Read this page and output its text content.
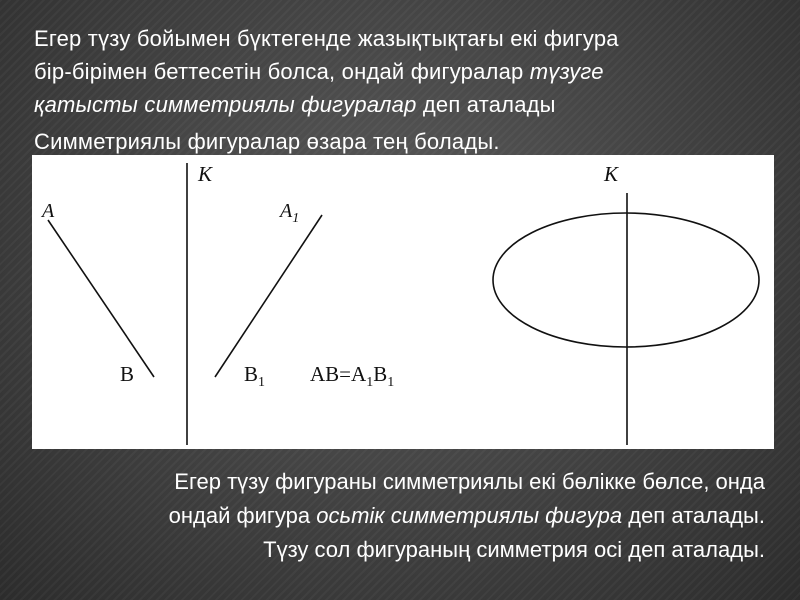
Егер түзу бойымен бүктегенде жазықтықтағы екі фигура
бір-бірімен беттесетін болса, ондай фигуралар түзуге
қатысты симметриялы фигуралар деп аталады
Симметриялы фигуралар өзара тең болады.
A
B
K
$A_1$
$B_1$ $AB=A_1B_1$
K
Егер түзу фигураны симметриялы екі бөлікке бөлсе, онда
ондай фигура осьтік симметриялы фигура деп аталады.
Түзу сол фигураның симметрия осі деп аталады.
